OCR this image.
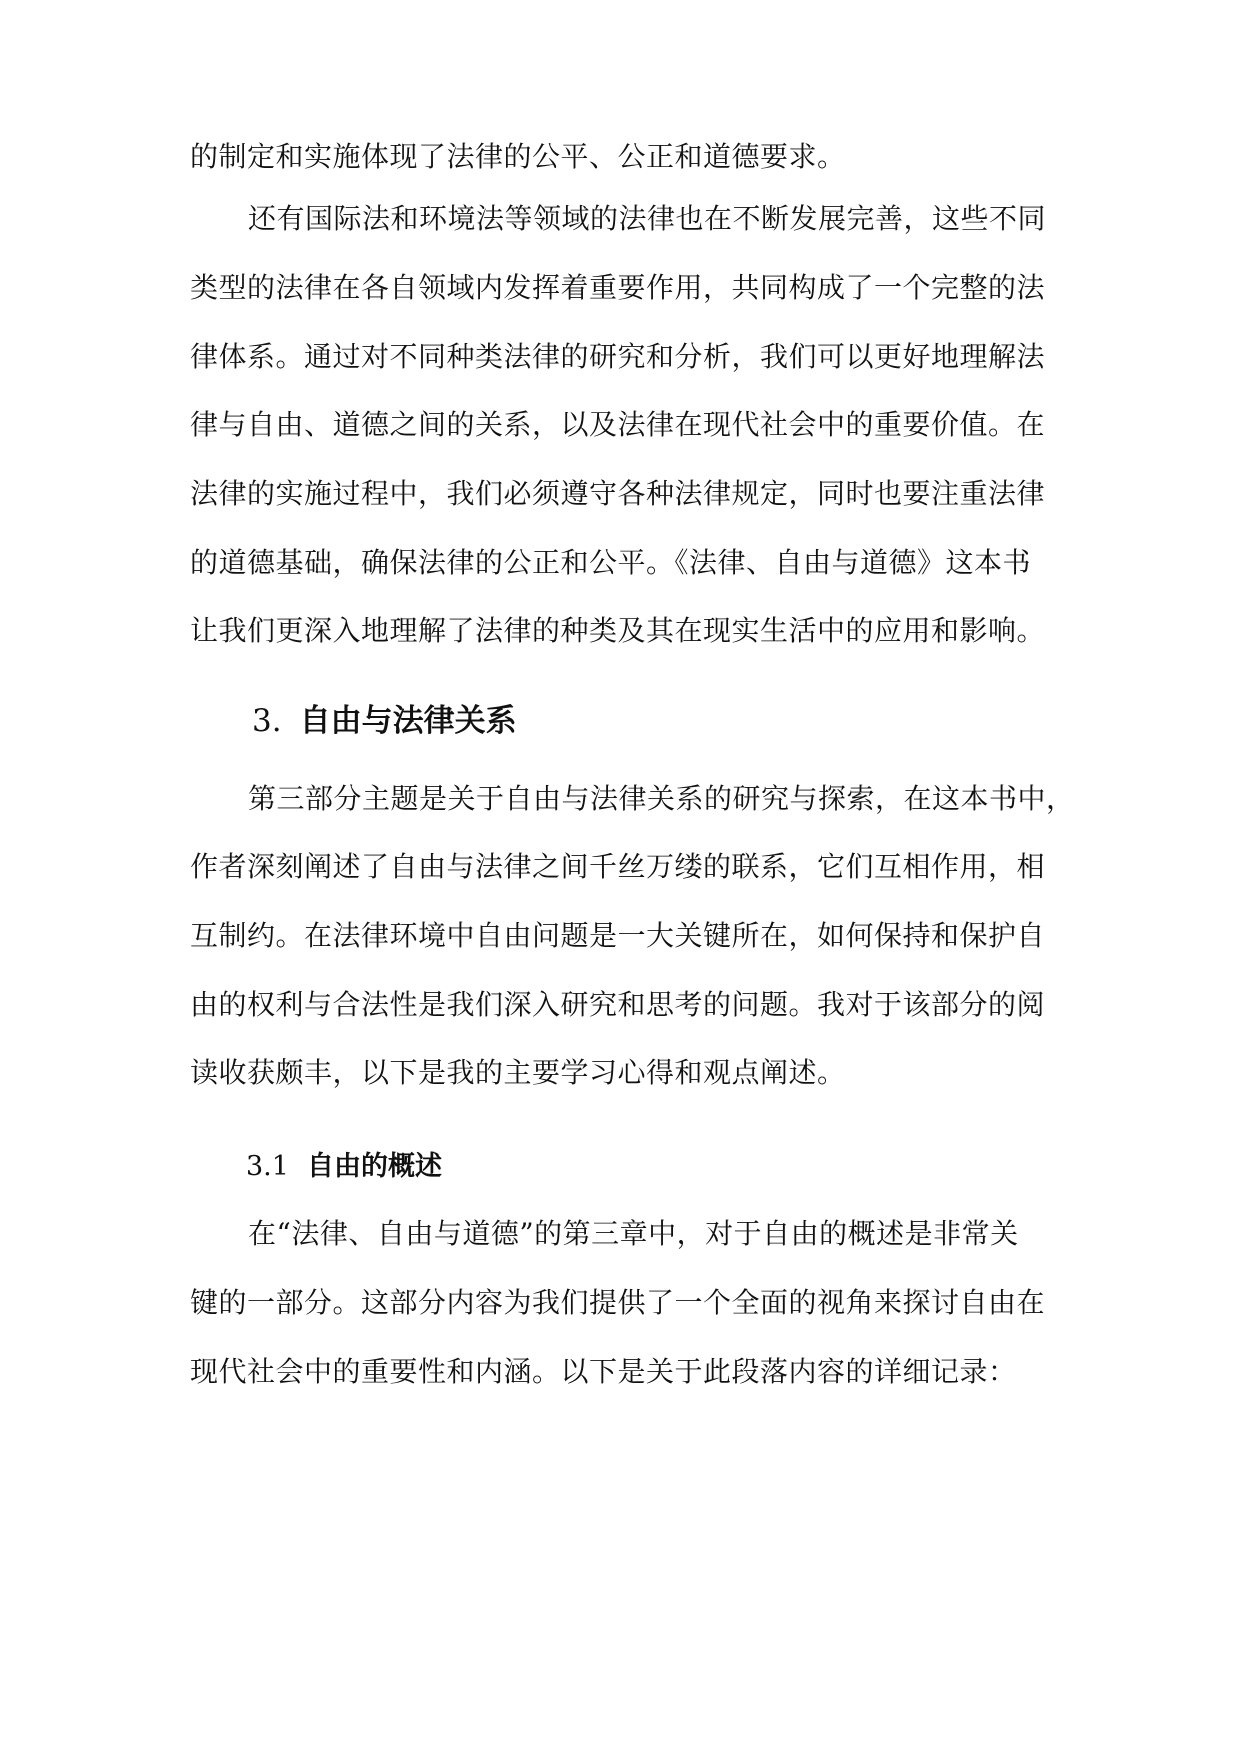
的制定和实施体现了法律的公平、公正和道德要求。
还有国际法和环境法等领域的法律也在不断发展完善，这些不同
类型的法律在各自领域内发挥着重要作用，共同构成了一个完整的法
律体系。通过对不同种类法律的研究和分析，我们可以更好地理解法
律与自由、道德之间的关系，以及法律在现代社会中的重要价值。在
法律的实施过程中，我们必须遵守各种法律规定，同时也要注重法律
的道德基础，确保法律的公正和公平。《法律、自由与道德》这本书
让我们更深入地理解了法律的种类及其在现实生活中的应用和影响。
3. 自由与法律关系
第三部分主题是关于自由与法律关系的研究与探索，在这本书中，
作者深刻阐述了自由与法律之间千丝万缕的联系，它们互相作用，相
互制约。在法律环境中自由问题是一大关键所在，如何保持和保护自
由的权利与合法性是我们深入研究和思考的问题。我对于该部分的阅
读收获颇丰，以下是我的主要学习心得和观点阐述。
3.1 自由的概述
在“法律、自由与道德”的第三章中，对于自由的概述是非常关
键的一部分。这部分内容为我们提供了一个全面的视角来探讨自由在
现代社会中的重要性和内涵。以下是关于此段落内容的详细记录：
